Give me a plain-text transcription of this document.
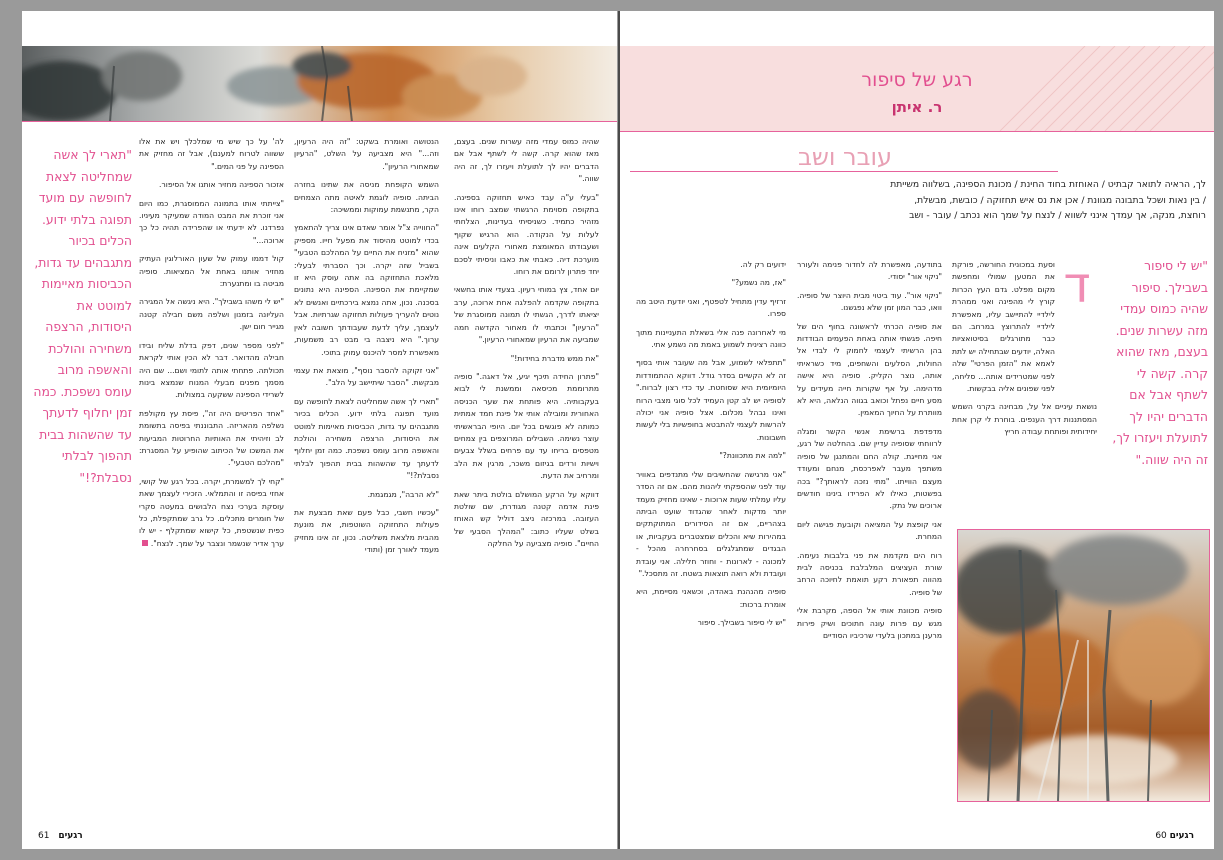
שהיה כמוס עמדי מזה עשרות שנים. בעצם, מאז שהוא קרה. קשה לי לשתף אבל אם הדברים יהיו לך לתועלת ויעזרו לך, זה היה שווה."

"בעלי ע"ה עבד כאיש תחזוקה בספינה. בתקופה מסוימת הרגשתי שמצב רוחו אינו מזהיר כתמיד. כשניסיתי בעדינות, הצלחתי לעלות על הנקודה. הוא הרגיש שקוף ושעבודתו המאומצת מאחורי הקלעים אינה מוערכת דיה. כאבתי את כאבו וניסיתי לסכם יחד פתרון לרומם את רוחו.

יום אחד, צץ במוחי רעיון. בצעדי אותו בחשאי בתקופה שקדמה להפלגה אחת ארוכה, ערב יציאתו לדרך, הגשתי לו תמונה ממוסגרת של "הרעיון" וכתבתי לו מאחור הקדשה חמה שמביעה את הרעיון שמאחורי הרעיון."

"את ממש מדברת בחידות!"

"פתרון החידה תיכף יגיע, אל דאגה." סופיה מתרוממת מכיסאה וממשנת לי לבוא בעקבותיה. היא פותחת את שער הכניסה האחורית ומובילה אותי אל פינת חמד אמתית כמותה לא פוגשים בכל יום. היופי הבראשיתי עוצר נשימה. השבילים המרוצפים בין צמחים מטפסים בריחו עד עם פרחים בשלל צבעים וישיות ורדים בגיזום משכר, מרגין את הלב ומרחיב את הדעת.

דווקא על הרקע המושלם בולטת ביתר שאת פינת אדמה קטנה מגודרת, שם שולטת העזובה. במרכזה ניצב דוליל קש האוחז בשלט שעליו כתוב: "המהלך הסבעי של החיים". סופיה מצביעה על החלקה

הנטושה ואומרת בשקט: "זה היה הרעיון, וזה..." היא מצביעה על השלט, "הרעיון שמאחורי הרעיון".

השמש הקופחת מניסה את שתינו בחזרה הביתה. סופיה לוגמת לאיטה מתה הצמחים הקר, מתנשמת עמוקות וממשיכה:

"החווייה צ"ל אומר שאדם אינו צריך להתאמץ בכדי למוטט מהיסוד את מפעל חייו. מספיק שהוא "מזניח את החיים על המהלכם הטבעי" בשביל שזה יקרה. וכך הסברתי לבעלי: מלאכת התחזוקה בה אתה עוסק היא זו שמקיימת את הספינה. הספינה היא נתונים בסכנה. נכון, אתה נמצא בירכתיים ואנשים לא נוטים להעריך פעולות תחזוקה שגרתיות. אבל לעצמך, עליך לדעת שעבודתך חשובה לאין ערוך." היא ניצבה בי מבט רב משמעות, מאפשרת למסר להיכנס עמוק בתוכי.

"אני זקוקה להסבר נוסף", מוצאת את עצמי מבקשת. "הסבר שיתיישב על הלב".

"תארי לך אשה שמחליטה לצאת לחופשה עם מועד תפוגה בלתי ידוע. הכלים בכיור מתגבהים עד גדות, הכביסות מאיימות למוטט את היסודות, הרצפה משחירה והולכת והאשפה מרוב עומס נשפכת. כמה זמן יחלוף לדעתך עד שהשהות בבית תהפוך לבלתי נסבלת?!"

"לא הרבה", מגמגמת.

"עכשיו חשבי, כבל פעם שאת מבצעת את פעולות התחזוקה השוטפות, את מונעת מהבית מלצאת משליטה. נכון, זה אינו מחזיק מעמד לאורך זמן (ותודי

לה' על כך שיש מי שמלכלך ויש את אלו ששווה לטרוח למענם), אבל זה מחזיק את הספינה על פני המים."

אזכור הספינה מחזיר אותנו אל הסיפור.

"צייתתי אותו בתמונה הממוסגרת, כמו היום אני זוכרת את המבט המודה שמעיקר מעיניו. נפרדנו. לא ידעתי או שהפרידה תהיה כל כך ארוכה..."

קול דממו עמוק של שעון האורלוגין העתיק מחזיר אותנו באחת אל המציאות. סופיה מביטה בו ומתנערת:

"יש לי משהו בשבילך". היא ניגשה אל המגירה העליונה בזמנון ושלפה משם חבילה קטנה מגייר חום ישן.

"לפני מספר שנים, דפק בדלת שליח ובידו חבילה מהדואר. דבר לא הכין אותי לקראת תכולתה. פתחתי אותה לתומי ושם... שם היה מסמך מפנים מבעלי המנוח שנמצא בינות לשרידי הספינה ששקעה במצולות.

"אחד הפריטים היה זה", פיסת עץ מקולפת נשלפה מהאריזה. התבוננתי בפיסה בתשומת לב וזיהיתי את האותיות החרוטות המביעות את המשכו של הכיתוב שהופיע על המסגרת: "מהלכם הטבעי".

"קחי לך למשמרת, יקרה. בכל רגע של קושי, אחזי בפיסה זו והתמלאי. הזכירי לעצמך שאת עוסקת בערכי נצח הלבושים במעטה סקרי של חומרים מתכלים. כל גרב שמתקפלת, כל כפית שנשטפת, כל קישוא שמתקלף - יש לו ערך אדיר שנשמר ונצבר על שמך. לנצח".

"תארי לך אשה שמחליטה לצאת לחופשה עם מועד תפוגה בלתי ידוע. הכלים בכיור מתגבהים עד גדות, הכביסות מאיימות למוטט את היסודות, הרצפה משחירה והולכת והאשפה מרוב עומס נשפכת. כמה זמן יחלוף לדעתך עד שהשהות בבית תהפוך לבלתי נסבלת?!"
61 רגעים
רגע של סיפור
ר. איתן
עובר ושב
לך, הראיה לתואר קבתיט / האוחזת בחוד החינת / מכונת הספינה, בשלווה משייתת
/ בין נאות ושכל בתבונה מגוונת / אכן את נס איש תחזוקה / כובשת, מבשלת,
רוחצת, מנקה, אך עמדך אינני לשווא / לנצח על שמך הוא נכתב / עובר - ושב
"יש לי סיפור בשבילך. סיפור שהיה כמוס עמדי מזה עשרות שנים. בעצם, מאז שהוא קרה. קשה לי לשתף אבל אם הדברים יהיו לך לתועלת ויעזרו לך, זה היה שווה."
ד

וסעת במכונית החורשה, פורקת את המטען שמולי ומחפשת מקום מפלט. גדם העץ הכרות קורץ לי מהפינה ואני ממהרת לילדיי להתיישב עליו, מאפשרת לילדיי להתרוצץ במרחב. הם כבר מתורגלים בסיטואציות האלה, יודעים שבתחילה יש לתת לאמא את "הזמן הפרטי" שלה לפני שמטרידים אותה... סליחה, לפני שפונים אליה בבקשות.

נושאת עיניים אל על, מבחינה בקרני השמש המסתננות דרך הענפים. בוחרת לי קרן אחת יחידותית ופותחת עבודה חריץ

בתודעה, מאפשרת לה לחדור פנימה ולעורר "ניקוי אור" יסודי.

"ניקוי אור". עוד ביטוי מבית היוצר של סופיה. וואו, כבר המון זמן שלא נפגשנו.

את סופיה הכרתי לראשונה בחוף הים של חיפה. פגשתי אותה באחת הפעמים הבודדות בהן הרשיתי לעצמי לחמוק לי לבדי אל החולות, הסלעים והשחפים, מיד כשראיתי אותה, נוצר הקליק. סופיה היא אישה מדהימה. על אף שקורות חייה מעידים על מסע חיים נפתל וכואב בגווה הנלאה, היא לא מוותרת על החיוך המאמין.

מדפדפת ברשימת אנשי הקשר ומגלה לרווחתי שסופיה עדיין שם. בהחלטה של רגע, אני מחייגת. קולה החם והמתנגן של סופיה משתפך מעבר לאפרכסת, מנחם ומעודד מעצם הווייתו. "מתי נזכה לראותך?" בכה בפשטות, כאילו לא הפרידו בינינו חודשים ארוכים של נתק.

אני קופצת על המציאה וקובעת פגישה ליום המחרת.

רוח הים מקדמת את פני בלבבות נעימה. שורת העציצים המלבלבת בכניסה לבית מהווה תפאורת רקע תואמת לחיוכה הרחב של סופיה.

סופיה מכוונת אותי אל הספה, מקרבת אלי מגש עם פרות עונה חתוכים ושיק פירות מרענן במתכון בלעדי שרכיביו הסודיים

ידועים רק לה.

"אז, מה נשמע?"

זרזיף עדין מתחיל לטפטף, ואני יודעת היטב מה ספרו.

מי לאחרונה פנה אלי בשאלת התעניינות מתוך כוונה רצינית לשמוע באמת מה נשמע אתי.

"תתפלאי לשמוע, אבל מה שעובר אותי בסוף זה לא הקשיים בסדר גודל. דווקא ההתמודדות היומיומית היא שסוחטת. עד כדי רצון לברוח." לסופיה יש לב קטן העמיד לכל סוגי מצבי הרוח ואינו נבהל מכלום. אצל סופיה אני יכולה להרשות לעצמי להתבטא בחופשיות בלי לעשות חשבונות.

"למה את מתכוונת?"

"אני מרגישה שהחשיבים שלי מתנדפים באוויר עוד לפני שהספקתי ליהנות מהם. אם זה הסדר עליו עמלתי שעות ארוכות - שאינו מחזיק מעמד יותר מדקות לאחר שהגדוד שועט הביתה בצהריים, אם זה הסידורים המתוקתקים במהירות שיא והכלים שמצטברים בעקביות, או הבגדים שמתגלגלים בסחרחרה מהכל - למכונה - לארונות - וחוזר חלילה. אני עובדת ועובדת ולא רואה תוצאות בשטח. זה מתסכל."

סופיה מהנהנת באהדה, וכשאני מסיימת, היא אומרת ברכות:

"יש לי סיפור בשבילך. סיפור

רגעים 60
